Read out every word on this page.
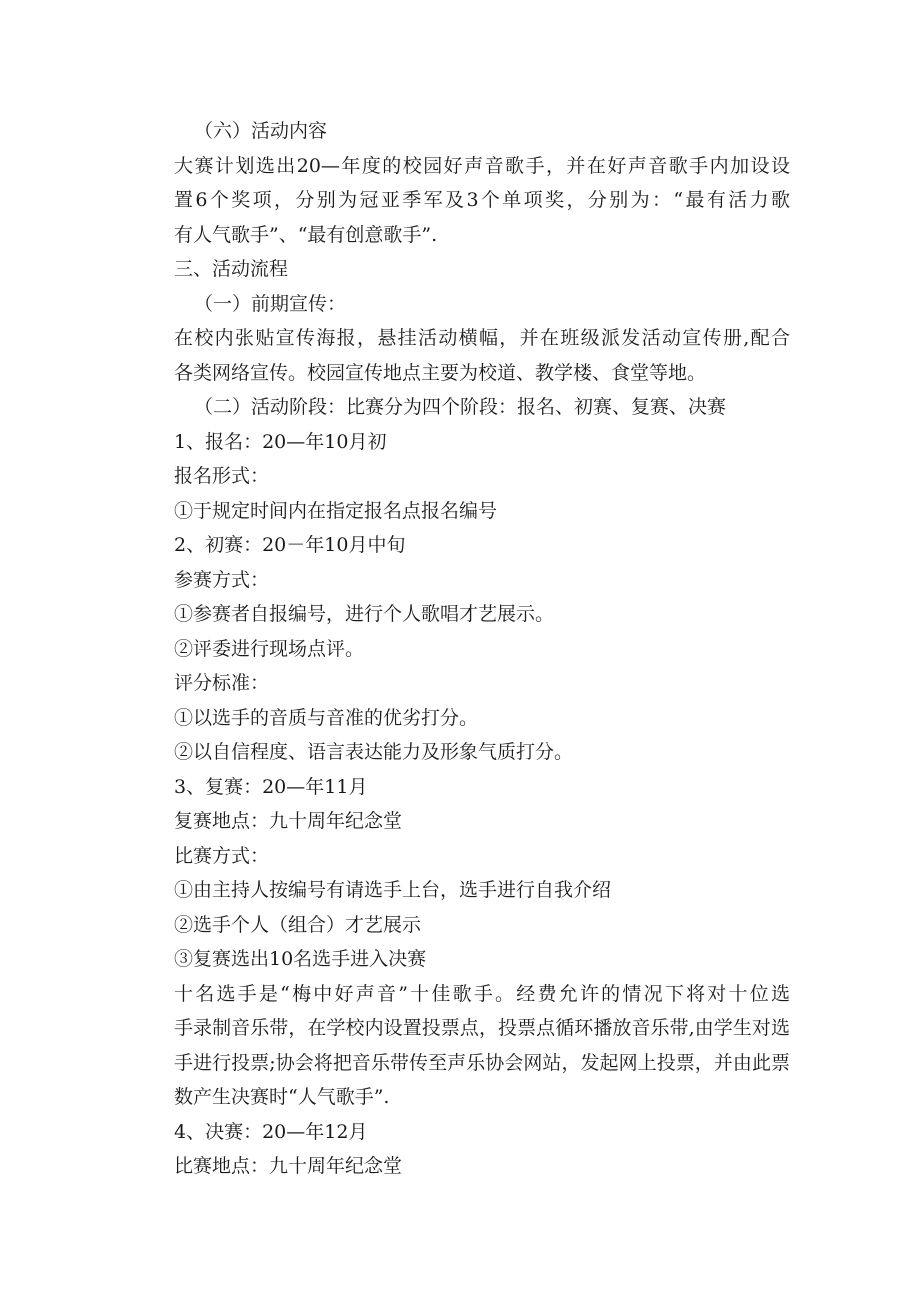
（六）活动内容
大赛计划选出20—年度的校园好声音歌手，并在好声音歌手内加设设
置6个奖项，分别为冠亚季军及3个单项奖，分别为：“最有活力歌
有人气歌手”、“最有创意歌手”.
三、活动流程
（一）前期宣传：
在校内张贴宣传海报，悬挂活动横幅，并在班级派发活动宣传册,配合
各类网络宣传。校园宣传地点主要为校道、教学楼、食堂等地。
（二）活动阶段：比赛分为四个阶段：报名、初赛、复赛、决赛
1、报名：20—年10月初
报名形式：
①于规定时间内在指定报名点报名编号
2、初赛：20－年10月中旬
参赛方式：
①参赛者自报编号，进行个人歌唱才艺展示。
②评委进行现场点评。
评分标准：
①以选手的音质与音准的优劣打分。
②以自信程度、语言表达能力及形象气质打分。
3、复赛：20—年11月
复赛地点：九十周年纪念堂
比赛方式：
①由主持人按编号有请选手上台，选手进行自我介绍
②选手个人（组合）才艺展示
③复赛选出10名选手进入决赛
十名选手是“梅中好声音”十佳歌手。经费允许的情况下将对十位选
手录制音乐带，在学校内设置投票点，投票点循环播放音乐带,由学生对选
手进行投票;协会将把音乐带传至声乐协会网站，发起网上投票，并由此票
数产生决赛时“人气歌手”.
4、决赛：20—年12月
比赛地点：九十周年纪念堂
